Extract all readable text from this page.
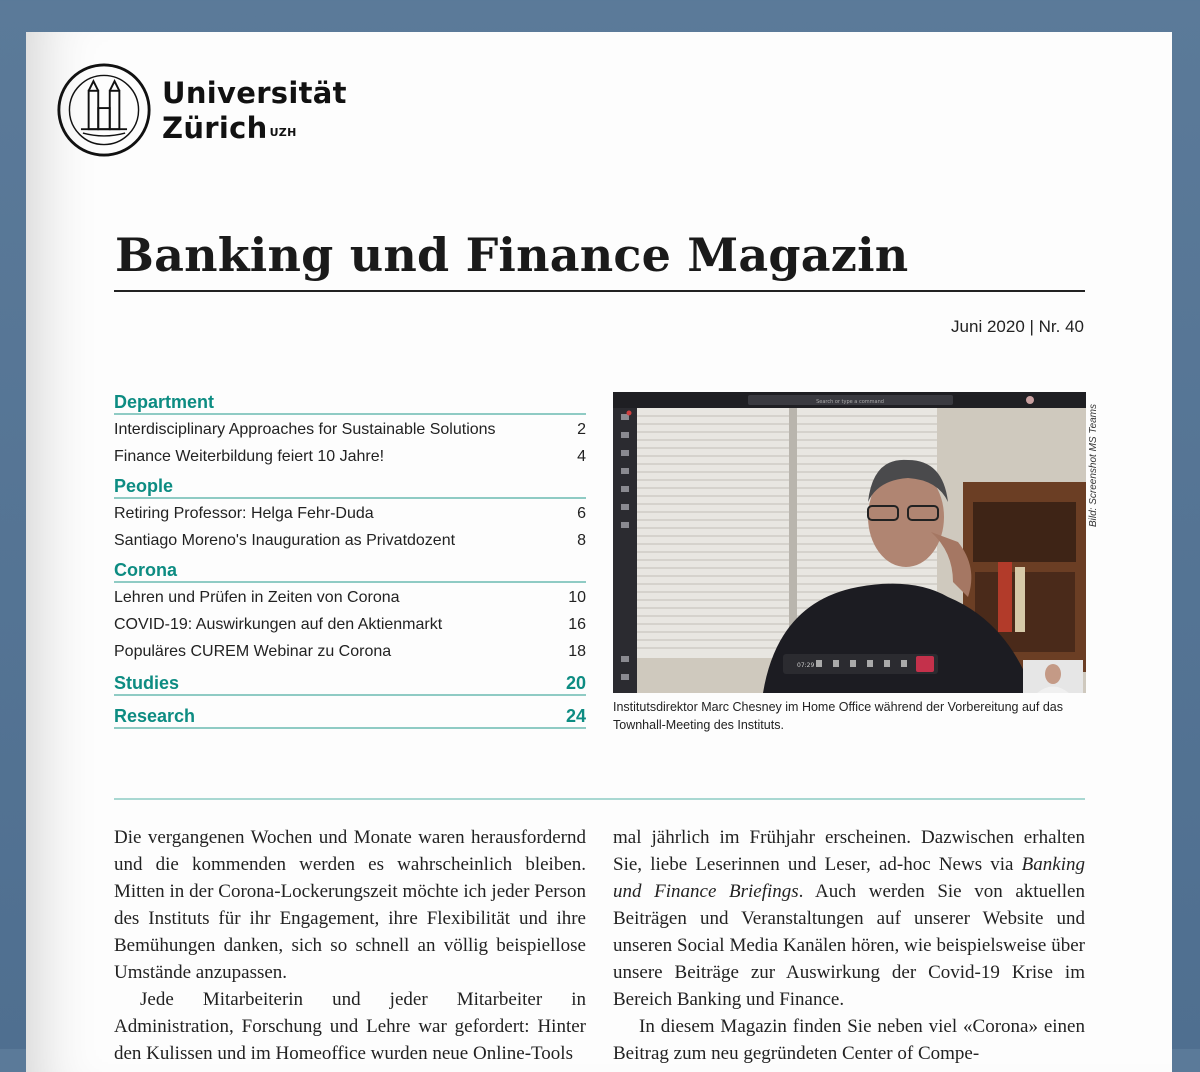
Universität
Zürich $^{UZH}$
Banking und Finance Magazin
Juni 2020 | Nr. 40
Department
Interdisciplinary Approaches for Sustainable Solutions	2
Finance Weiterbildung feiert 10 Jahre!	4
People
Retiring Professor: Helga Fehr-Duda	6
Santiago Moreno's Inauguration as Privatdozent	8
Corona
Lehren und Prüfen in Zeiten von Corona	10
COVID-19: Auswirkungen auf den Aktienmarkt	16
Populäres CUREM Webinar zu Corona	18
Studies	20
Research	24
Search or type a command
07:29
Bild: Screenshot MS Teams
Institutsdirektor Marc Chesney im Home Office während der Vorbereitung auf das Townhall-Meeting des Instituts.

Die vergangenen Wochen und Monate waren herausfordernd und die kommenden werden es wahrscheinlich bleiben. Mitten in der Corona-Lockerungszeit möchte ich jeder Person des Instituts für ihr Engagement, ihre Flexibilität und ihre Bemühungen danken, sich so schnell an völlig beispiellose Umstände anzupassen.

Jede Mitarbeiterin und jeder Mitarbeiter in Administration, Forschung und Lehre war gefordert: Hinter den Kulissen und im Homeoffice wurden neue Online-Tools

mal jährlich im Frühjahr erscheinen. Dazwischen erhalten Sie, liebe Leserinnen und Leser, ad-hoc News via Banking und Finance Briefings. Auch werden Sie von aktuellen Beiträgen und Veranstaltungen auf unserer Website und unseren Social Media Kanälen hören, wie beispielsweise über unsere Beiträge zur Auswirkung der Covid-19 Krise im Bereich Banking und Finance.

In diesem Magazin finden Sie neben viel «Corona» einen Beitrag zum neu gegründeten Center of Compe-
